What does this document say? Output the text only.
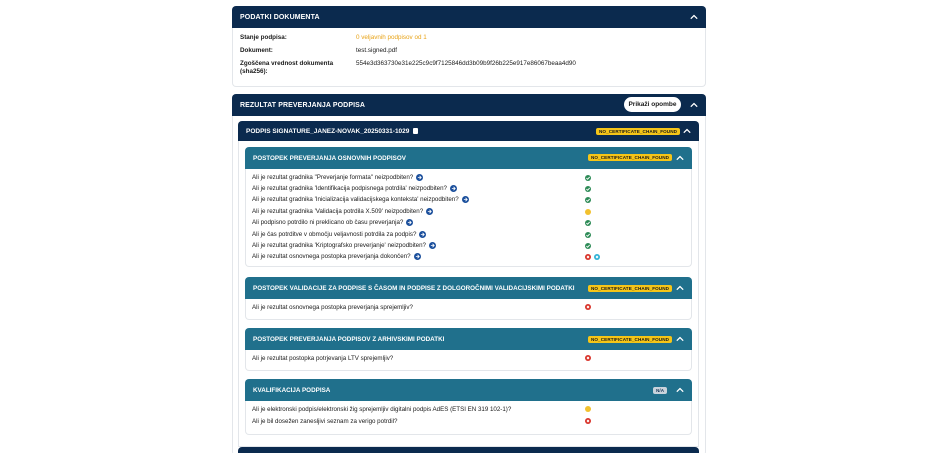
PODATKI DOKUMENTA
Stanje podpisa:	0 veljavnih podpisov od 1
Dokument:	test.signed.pdf
Zgoščena vrednost dokumenta (sha256):
554e3d363730e31e225c9c9f7125846dd3b09b9f26b225e917e86067beaa4d90
REZULTAT PREVERJANJA PODPISA	Prikaži opombe
PODPIS SIGNATURE_JANEZ-NOVAK_20250331-1029	NO_CERTIFICATE_CHAIN_FOUND
POSTOPEK PREVERJANJA OSNOVNIH PODPISOV	NO_CERTIFICATE_CHAIN_FOUND
Ali je rezultat gradnika "Preverjanje formata" neizpodbiten?
Ali je rezultat gradnika 'Identifikacija podpisnega potrdila' neizpodbiten?
Ali je rezultat gradnika 'Inicializacija validacijskega konteksta' neizpodbiten?
Ali je rezultat gradnika 'Validacija potrdila X.509' neizpodbiten?
Ali podpisno potrdilo ni preklicano ob času preverjanja?
Ali je čas potrditve v območju veljavnosti potrdila za podpis?
Ali je rezultat gradnika 'Kriptografsko preverjanje' neizpodbiten?
Ali je rezultat osnovnega postopka preverjanja dokončen?
POSTOPEK VALIDACIJE ZA PODPISE S ČASOM IN PODPISE Z DOLGOROČNIMI VALIDACIJSKIMI PODATKI	NO_CERTIFICATE_CHAIN_FOUND
Ali je rezultat osnovnega postopka preverjanja sprejemljiv?
POSTOPEK PREVERJANJA PODPISOV Z ARHIVSKIMI PODATKI	NO_CERTIFICATE_CHAIN_FOUND
Ali je rezultat postopka potrjevanja LTV sprejemljiv?
KVALIFIKACIJA PODPISA	N/A
Ali je elektronski podpis/elektronski žig sprejemljiv digitalni podpis AdES (ETSI EN 319 102-1)?
Ali je bil dosežen zanesljivi seznam za verigo potrdil?
